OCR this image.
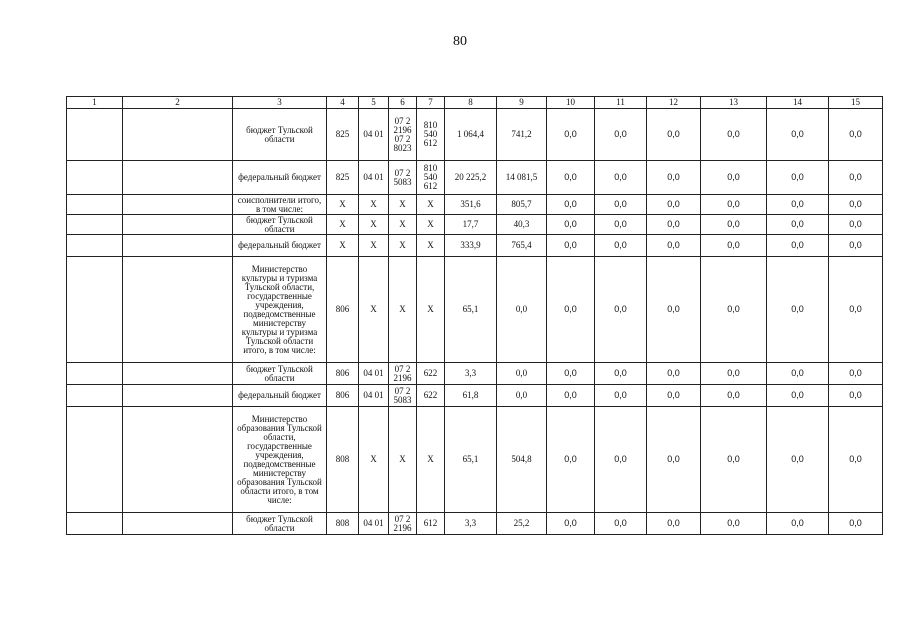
80
1	2	3	4	5	6	7	8	9	10	11	12	13	14	15
		бюджет Тульской области	825	04 01	07 2 2196 07 2 8023	810 540 612	1 064,4	741,2	0,0	0,0	0,0	0,0	0,0	0,0
		федеральный бюджет	825	04 01	07 2 5083	810 540 612	20 225,2	14 081,5	0,0	0,0	0,0	0,0	0,0	0,0
		соисполнители итого, в том числе:	X	X	X	X	351,6	805,7	0,0	0,0	0,0	0,0	0,0	0,0
		бюджет Тульской области	X	X	X	X	17,7	40,3	0,0	0,0	0,0	0,0	0,0	0,0
		федеральный бюджет	X	X	X	X	333,9	765,4	0,0	0,0	0,0	0,0	0,0	0,0
		Министерство культуры и туризма Тульской области, государственные учреждения, подведомственные министерству культуры и туризма Тульской области итого, в том числе:	806	X	X	X	65,1	0,0	0,0	0,0	0,0	0,0	0,0	0,0
		бюджет Тульской области	806	04 01	07 2 2196	622	3,3	0,0	0,0	0,0	0,0	0,0	0,0	0,0
		федеральный бюджет	806	04 01	07 2 5083	622	61,8	0,0	0,0	0,0	0,0	0,0	0,0	0,0
		Министерство образования Тульской области, государственные учреждения, подведомственные министерству образования Тульской области итого, в том числе:	808	X	X	X	65,1	504,8	0,0	0,0	0,0	0,0	0,0	0,0
		бюджет Тульской области	808	04 01	07 2 2196	612	3,3	25,2	0,0	0,0	0,0	0,0	0,0	0,0
